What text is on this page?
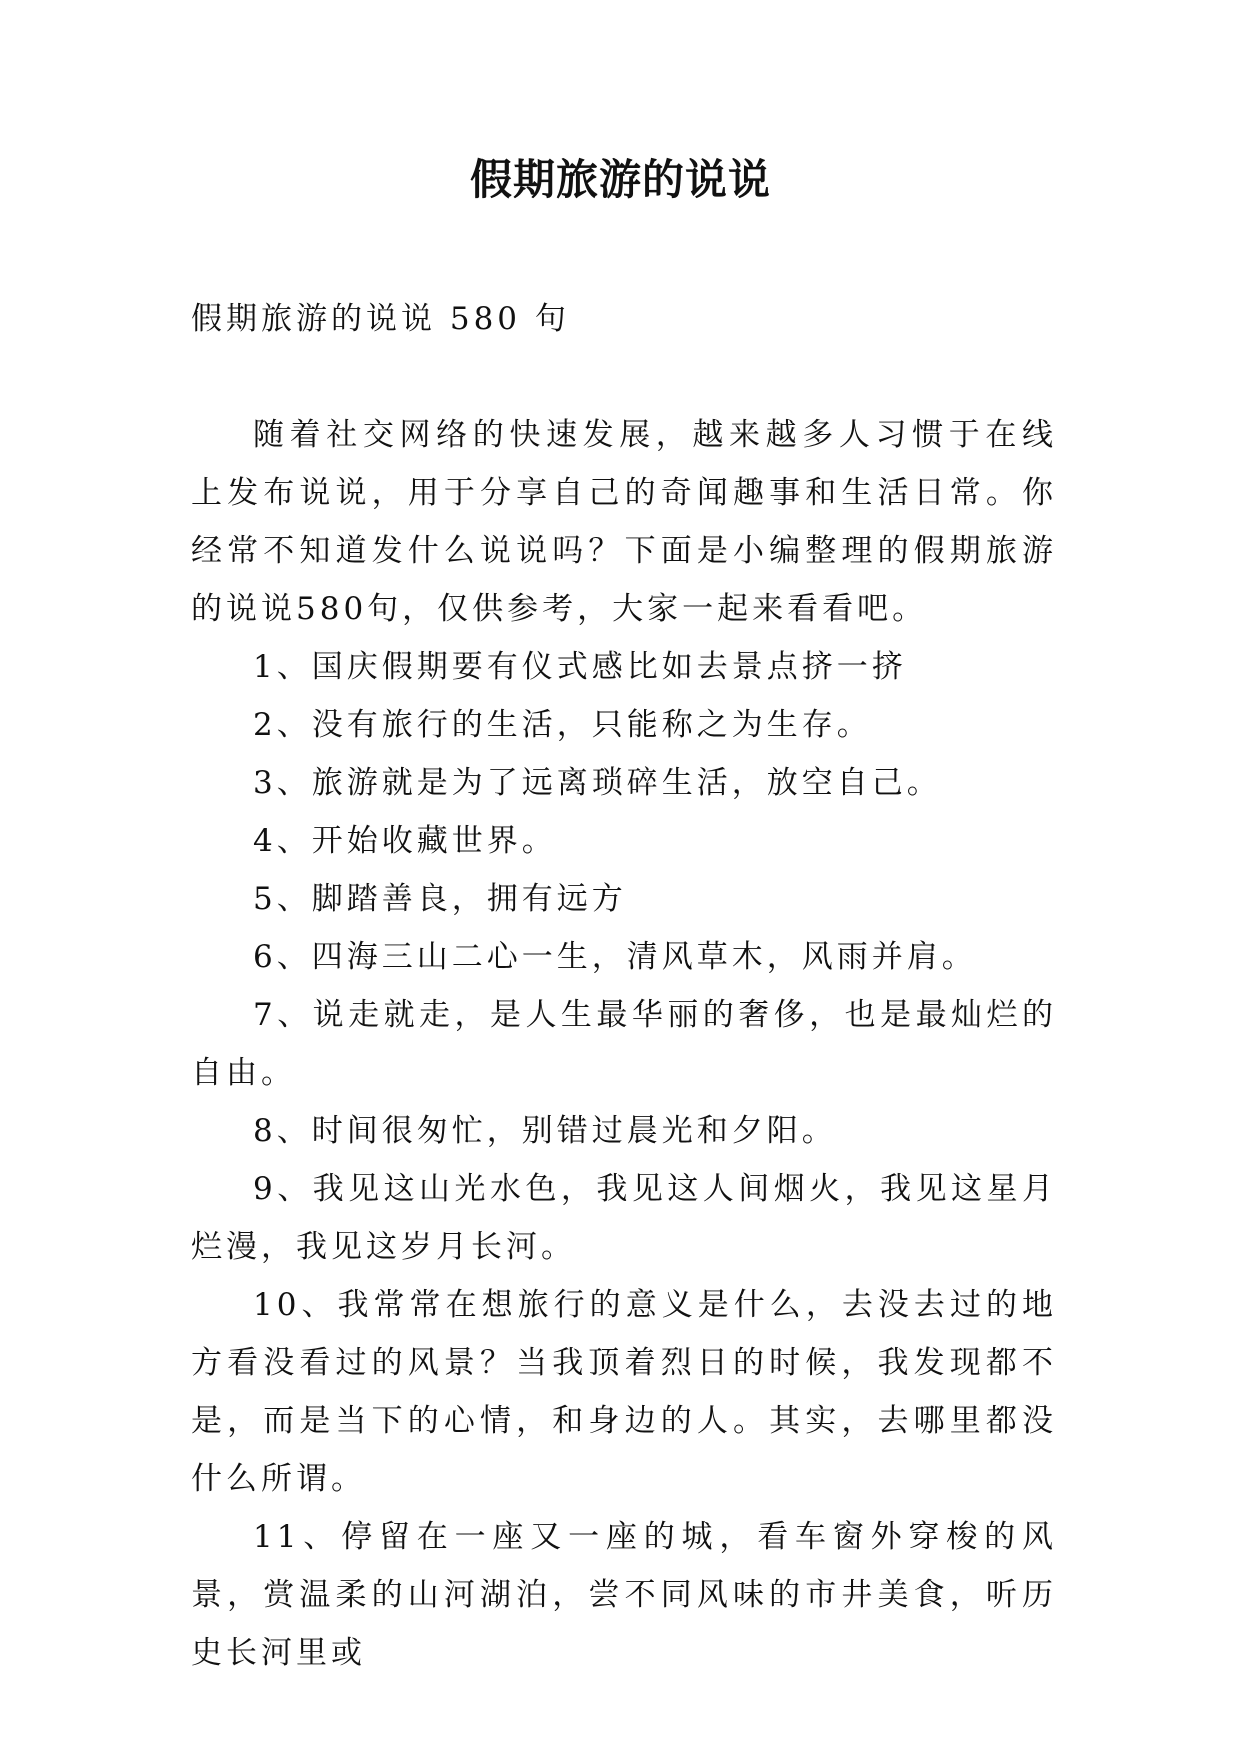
假期旅游的说说

假期旅游的说说 580 句

随着社交网络的快速发展，越来越多人习惯于在线上发布说说，用于分享自己的奇闻趣事和生活日常。你经常不知道发什么说说吗？下面是小编整理的假期旅游的说说580句，仅供参考，大家一起来看看吧。

1、国庆假期要有仪式感比如去景点挤一挤

2、没有旅行的生活，只能称之为生存。

3、旅游就是为了远离琐碎生活，放空自己。

4、开始收藏世界。

5、脚踏善良，拥有远方

6、四海三山二心一生，清风草木，风雨并肩。

7、说走就走，是人生最华丽的奢侈，也是最灿烂的自由。

8、时间很匆忙，别错过晨光和夕阳。

9、我见这山光水色，我见这人间烟火，我见这星月烂漫，我见这岁月长河。

10、我常常在想旅行的意义是什么，去没去过的地方看没看过的风景？当我顶着烈日的时候，我发现都不是，而是当下的心情，和身边的人。其实，去哪里都没什么所谓。

11、停留在一座又一座的城，看车窗外穿梭的风景，赏温柔的山河湖泊，尝不同风味的市井美食，听历史长河里或
